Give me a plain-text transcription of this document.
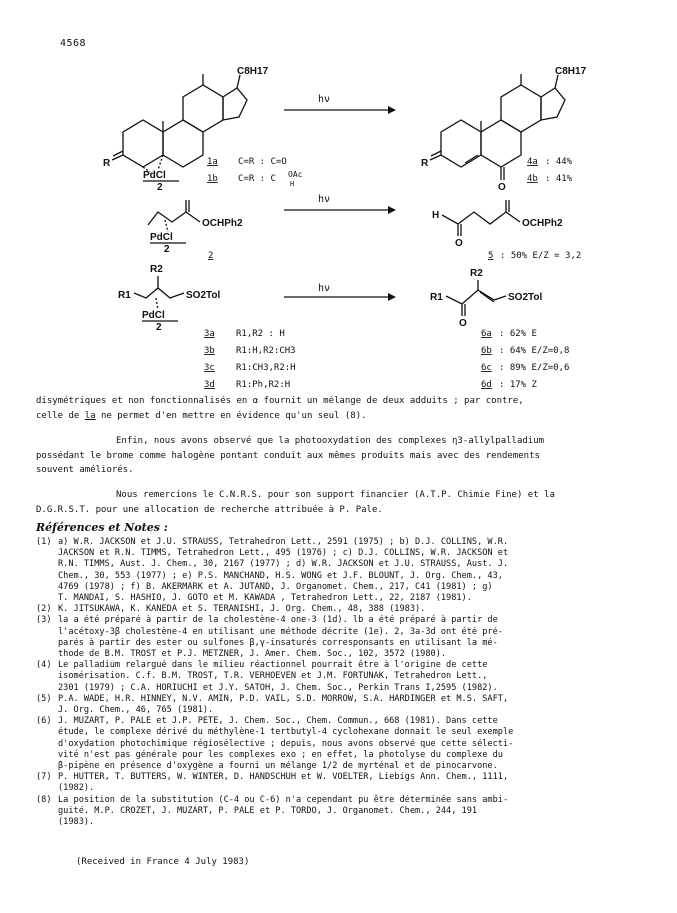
4568
C8H17
R
PdCl
2
C8H17
R
O
hν
1a C=R : C=O
1b C=R : C OAc
H
4a : 44%
4b : 41%
OCHPh2
PdCl
2
2
hν
H
O
OCHPh2
5 : 50% E/Z = 3,2
R2
R1	SO2Tol
PdCl
2
hν
R2
R1
O
SO2Tol
3a R1,R2 : H
3b R1:H,R2:CH3
3c R1:CH3,R2:H
3d R1:Ph,R2:H
6a : 62% E
6b : 64% E/Z=0,8
6c : 89% E/Z=0,6
6d : 17% Z
disymétriques et non fonctionnalisés en α fournit un mélange de deux adduits ; par contre,
celle de la ne permet d'en mettre en évidence qu'un seul (8).
Enfin, nous avons observé que la photooxydation des complexes η3-allylpalladium
possédant le brome comme halogène pontant conduit aux mêmes produits mais avec des rendements
souvent améliorés.
Nous remercions le C.N.R.S. pour son support financier (A.T.P. Chimie Fine) et la
D.G.R.S.T. pour une allocation de recherche attribuée à P. Pale.
Références et Notes :
(1) a) W.R. JACKSON et J.U. STRAUSS, Tetrahedron Lett., 2591 (1975) ; b) D.J. COLLINS, W.R.
JACKSON et R.N. TIMMS, Tetrahedron Lett., 495 (1976) ; c) D.J. COLLINS, W.R. JACKSON et
R.N. TIMMS, Aust. J. Chem., 30, 2167 (1977) ; d) W.R. JACKSON et J.U. STRAUSS, Aust. J.
Chem., 30, 553 (1977) ; e) P.S. MANCHAND, H.S. WONG et J.F. BLOUNT, J. Org. Chem., 43,
4769 (1978) ; f) B. AKERMARK et A. JUTAND, J. Organomet. Chem., 217, C41 (1981) ; g)
T. MANDAI, S. HASHIO, J. GOTO et M. KAWADA , Tetrahedron Lett., 22, 2187 (1981).
(2) K. JITSUKAWA, K. KANEDA et S. TERANISHI, J. Org. Chem., 48, 388 (1983).
(3) la a été préparé à partir de la cholestène-4 one-3 (1d). lb a été préparé à partir de
l'acétoxy-3β cholestène-4 en utilisant une méthode décrite (1e). 2, 3a-3d ont été pré-
parés à partir des ester ou sulfones β,γ-insaturés corresponsants en utilisant la mé-
thode de B.M. TROST et P.J. METZNER, J. Amer. Chem. Soc., 102, 3572 (1980).
(4) Le palladium relargué dans le milieu réactionnel pourrait être à l'origine de cette
isomérisation. C.f. B.M. TROST, T.R. VERHOEVEN et J.M. FORTUNAK, Tetrahedron Lett.,
2301 (1979) ; C.A. HORIUCHI et J.Y. SATOH, J. Chem. Soc., Perkin Trans I,2595 (1982).
(5) P.A. WADE, H.R. HINNEY, N.V. AMIN, P.D. VAIL, S.D. MORROW, S.A. HARDINGER et M.S. SAFT,
J. Org. Chem., 46, 765 (1981).
(6) J. MUZART, P. PALE et J.P. PETE, J. Chem. Soc., Chem. Commun., 668 (1981). Dans cette
étude, le complexe dérivé du méthylène-1 tertbutyl-4 cyclohexane donnait le seul exemple
d'oxydation photochimique régiosélective ; depuis, nous avons observé que cette sélecti-
vité n'est pas générale pour les complexes exo ; en effet, la photolyse du complexe du
β-pipène en présence d'oxygène a fourni un mélange 1/2 de myrténal et de pinocarvone.
(7) P. HUTTER, T. BUTTERS, W. WINTER, D. HANDSCHUH et W. VOELTER, Liebigs Ann. Chem., 1111,
(1982).
(8) La position de la substitution (C-4 ou C-6) n'a cependant pu être déterminée sans ambi-
guité. M.P. CROZET, J. MUZART, P. PALE et P. TORDO, J. Organomet. Chem., 244, 191
(1983).
(Received in France 4 July 1983)
